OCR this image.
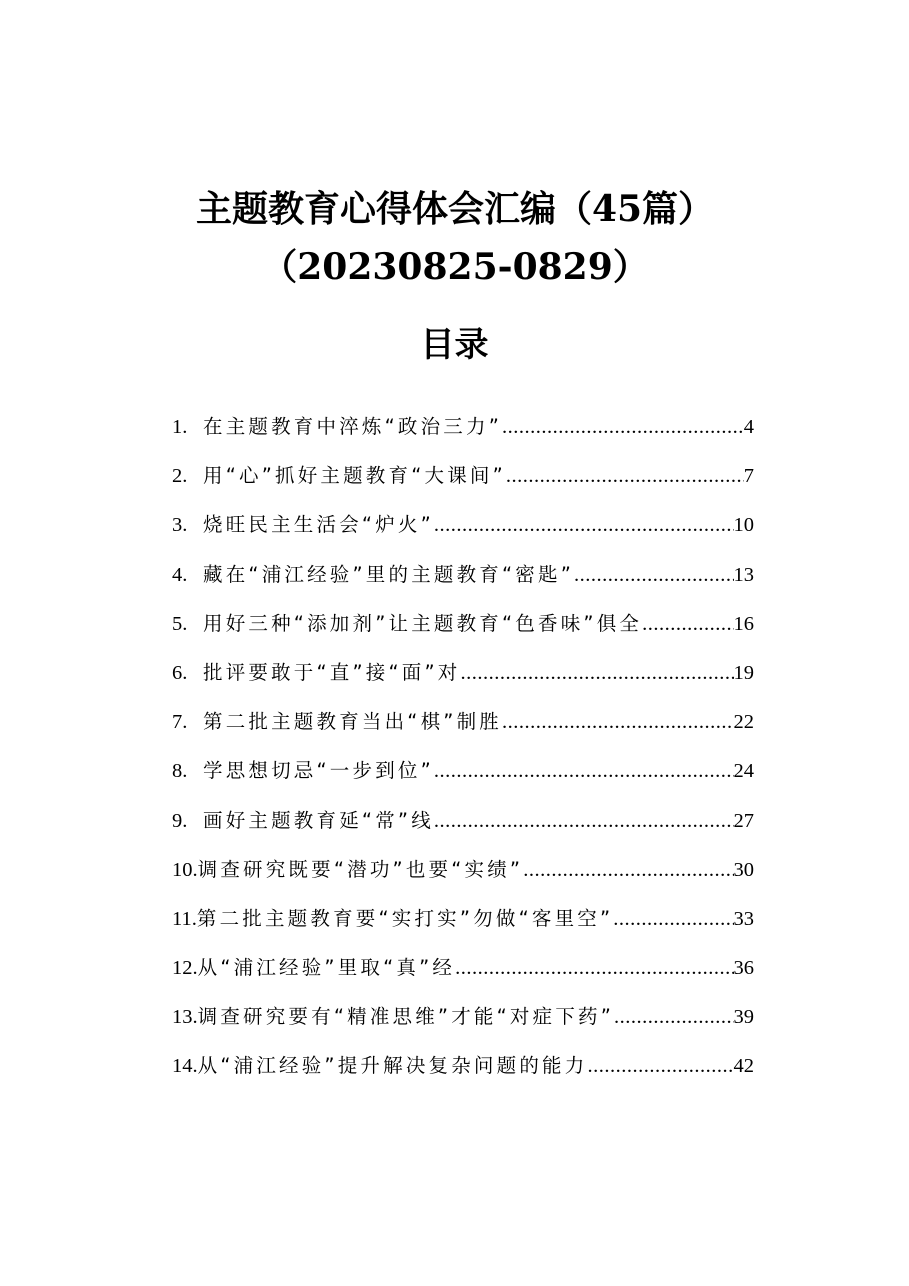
主题教育心得体会汇编（45篇）（20230825-0829）
目录
1. 在主题教育中淬炼“政治三力” .....	4
2. 用“心”抓好主题教育“大课间” .....	7
3. 烧旺民主生活会“炉火” .....	10
4. 藏在“浦江经验”里的主题教育“密匙” .....	13
5. 用好三种“添加剂”让主题教育“色香味”俱全 .....	16
6. 批评要敢于“直”接“面”对 .....	19
7. 第二批主题教育当出“棋”制胜 .....	22
8. 学思想切忌“一步到位” .....	24
9. 画好主题教育延“常”线 .....	27
10. 调查研究既要“潜功”也要“实绩” .....	30
11. 第二批主题教育要“实打实”勿做“客里空” .....	33
12. 从“浦江经验”里取“真”经 .....	36
13. 调查研究要有“精准思维”才能“对症下药” .....	39
14. 从“浦江经验”提升解决复杂问题的能力 .....	42
